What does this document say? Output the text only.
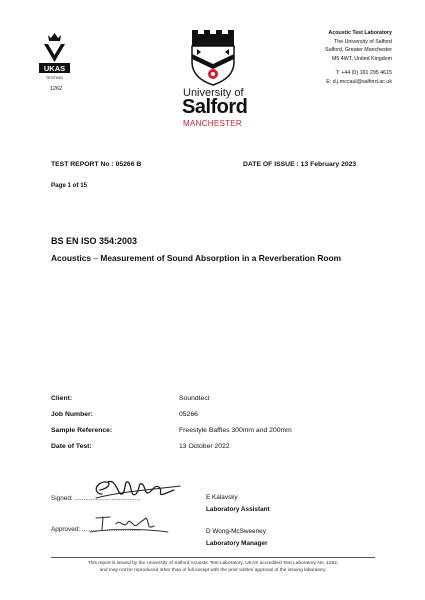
UKAS
TESTING
1262	University of
Salford
MANCHESTER
Acoustic Test Laboratory
The University of Salford
Salford, Greater Manchester
M5 4WT, United Kingdom
T: +44 (0) 161 295 4615
E: d.j.mccaul@salford.ac.uk
TEST REPORT No : 05266 B	DATE OF ISSUE : 13 February 2023
Page 1 of 15
BS EN ISO 354:2003
Acoustics – Measurement of Sound Absorption in a Reverberation Room
Client:	Soundtect
Job Number:	05266
Sample Reference:	Freestyle Baffles 300mm and 200mm
Date of Test:	13 October 2022
Signed: .....................................	E Kalavsky
Laboratory Assistant
Approved: .................................	D Wong-McSweeney
Laboratory Manager
This report is issued by the University of Salford Acoustic Test Laboratory, UKAS accredited Test Laboratory No. 1262,
and may not be reproduced other than in full except with the prior written approval of the issuing laboratory.
